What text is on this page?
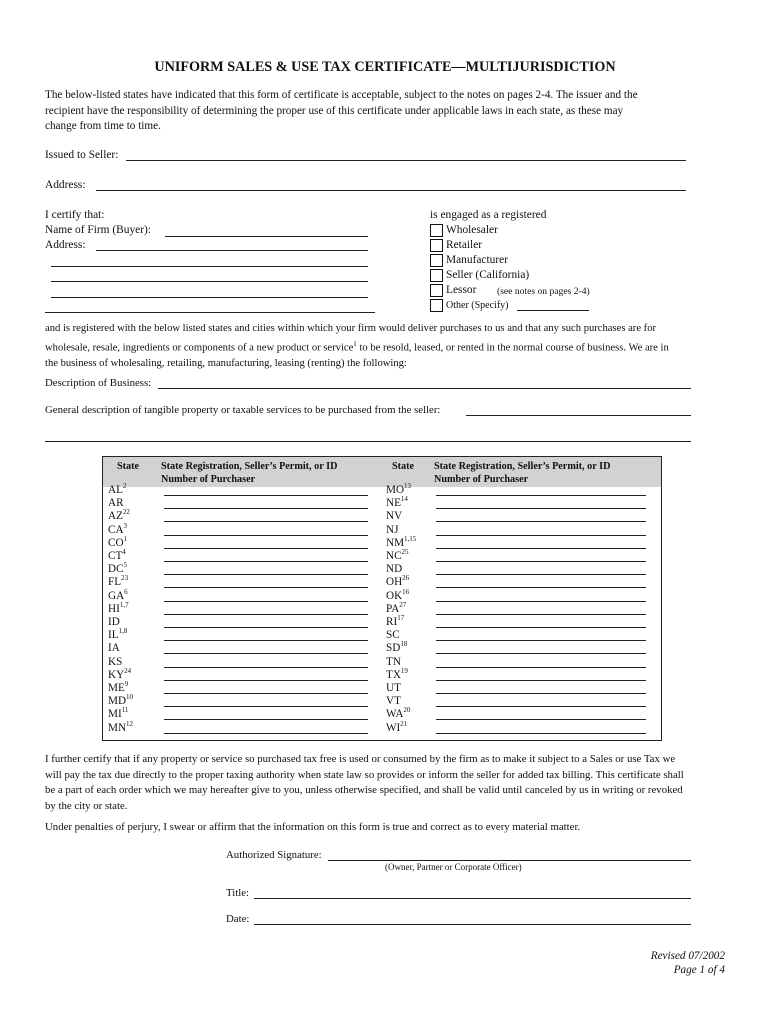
UNIFORM SALES & USE TAX CERTIFICATE—MULTIJURISDICTION
The below-listed states have indicated that this form of certificate is acceptable, subject to the notes on pages 2-4. The issuer and the
recipient have the responsibility of determining the proper use of this certificate under applicable laws in each state, as these may
change from time to time.
Issued to Seller:
Address:
I certify that:
Name of Firm (Buyer):
Address:
is engaged as a registered
Wholesaler
Retailer
Manufacturer
Seller (California)
Lessor (see notes on pages 2-4)
Other (Specify)
and is registered with the below listed states and cities within which your firm would deliver purchases to us and that any such purchases are for
wholesale, resale, ingredients or components of a new product or service$^1$ to be resold, leased, or rented in the normal course of business. We are in
the business of wholesaling, retailing, manufacturing, leasing (renting) the following:
Description of Business:
General description of tangible property or taxable services to be purchased from the seller:
State State Registration, Seller’s Permit, or ID
Number of Purchaser
State State Registration, Seller’s Permit, or ID
Number of Purchaser
$AL^2$
AR
AZ$^{22}$
$CA^3$
$CO^1$
$CT^4$
$DC^5$
FL$^{23}$
$GA^6$
HI$^{1,7}$
ID
IL$^{1,8}$
IA
KS
KY$^{24}$
$ME^9$
MD$^{10}$
MI$^{11}$
MN$^{12}$
MO$^{13}$
NE$^{14}$
NV
NJ
NM$^{1,15}$
NC$^{25}$
ND
OH$^{26}$
OK$^{16}$
PA$^{27}$
RI$^{17}$
SC
SD$^{18}$
TN
TX$^{19}$
UT
VT
WA$^{20}$
WI$^{21}$
I further certify that if any property or service so purchased tax free is used or consumed by the firm as to make it subject to a Sales or use Tax we
will pay the tax due directly to the proper taxing authority when state law so provides or inform the seller for added tax billing. This certificate shall
be a part of each order which we may hereafter give to you, unless otherwise specified, and shall be valid until canceled by us in writing or revoked
by the city or state.
Under penalties of perjury, I swear or affirm that the information on this form is true and correct as to every material matter.
Authorized Signature:
(Owner, Partner or Corporate Officer)
Title:
Date:
Revised 07/2002
Page 1 of 4
